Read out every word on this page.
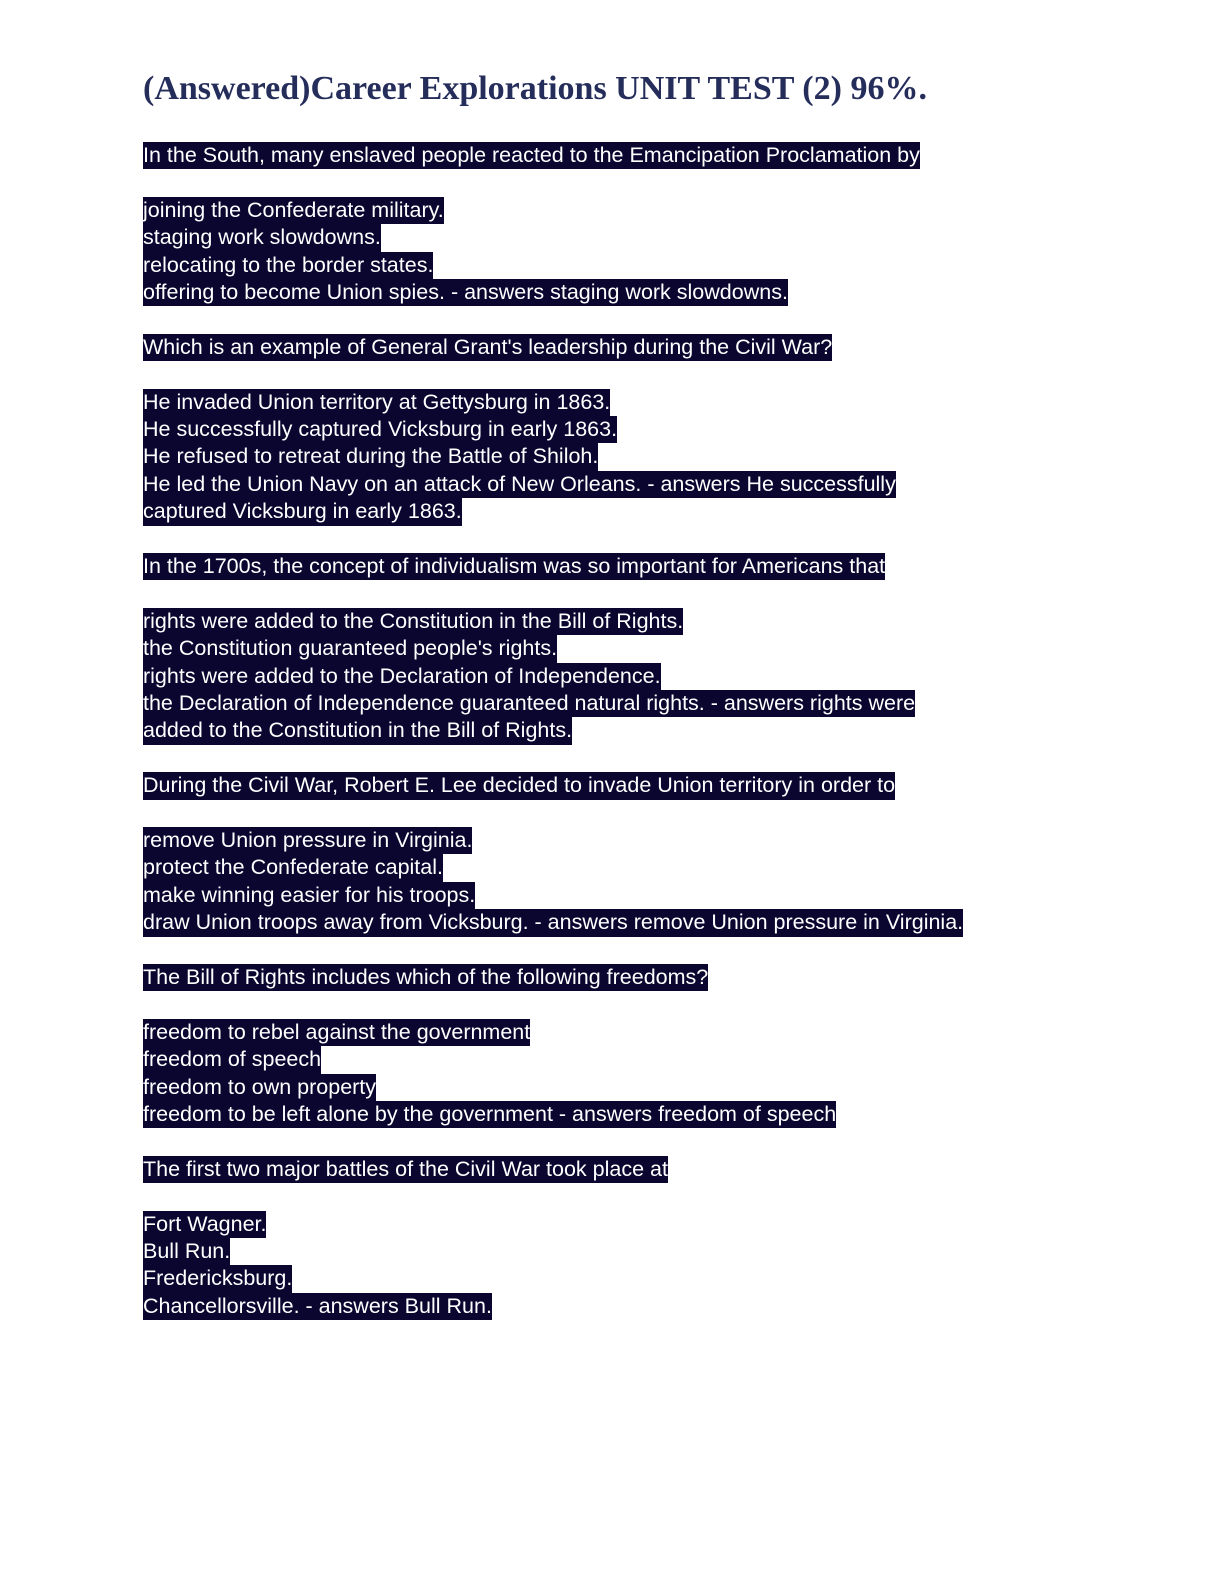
(Answered)Career Explorations UNIT TEST (2) 96%.
In the South, many enslaved people reacted to the Emancipation Proclamation by
joining the Confederate military.
staging work slowdowns.
relocating to the border states.
offering to become Union spies. - answers staging work slowdowns.
Which is an example of General Grant's leadership during the Civil War?
He invaded Union territory at Gettysburg in 1863.
He successfully captured Vicksburg in early 1863.
He refused to retreat during the Battle of Shiloh.
He led the Union Navy on an attack of New Orleans. - answers He successfully
captured Vicksburg in early 1863.
In the 1700s, the concept of individualism was so important for Americans that
rights were added to the Constitution in the Bill of Rights.
the Constitution guaranteed people's rights.
rights were added to the Declaration of Independence.
the Declaration of Independence guaranteed natural rights. - answers rights were
added to the Constitution in the Bill of Rights.
During the Civil War, Robert E. Lee decided to invade Union territory in order to
remove Union pressure in Virginia.
protect the Confederate capital.
make winning easier for his troops.
draw Union troops away from Vicksburg. - answers remove Union pressure in Virginia.
The Bill of Rights includes which of the following freedoms?
freedom to rebel against the government
freedom of speech
freedom to own property
freedom to be left alone by the government - answers freedom of speech
The first two major battles of the Civil War took place at
Fort Wagner.
Bull Run.
Fredericksburg.
Chancellorsville. - answers Bull Run.
